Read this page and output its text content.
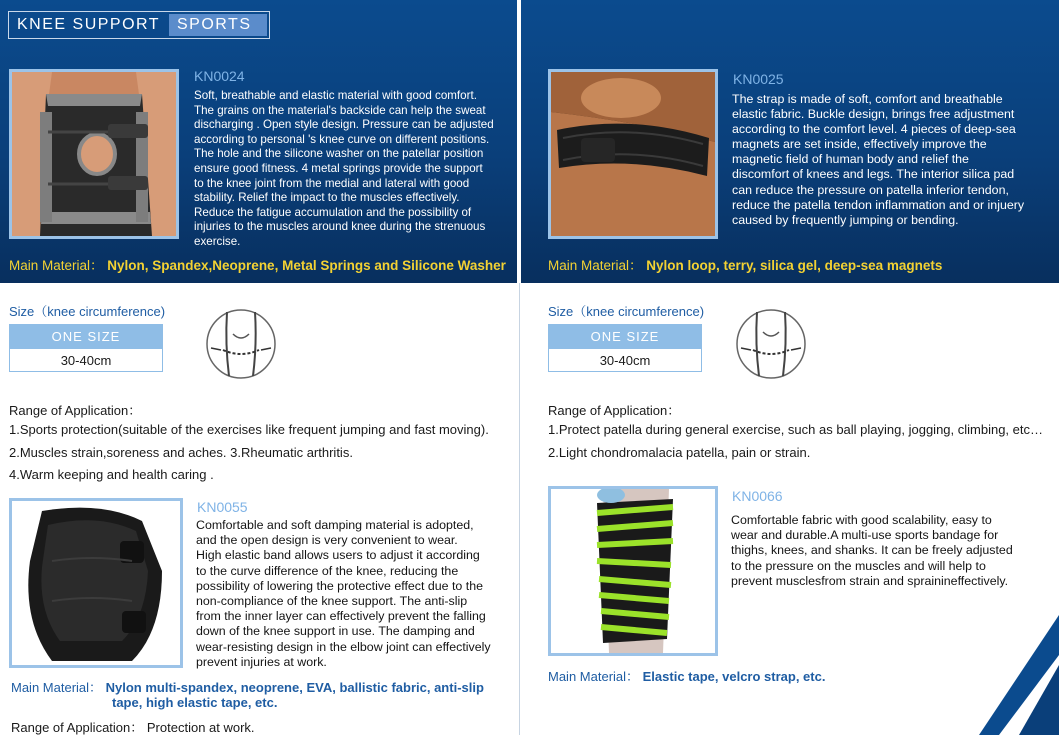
KNEE SUPPORT	SPORTS
KN0024
Soft, breathable and elastic material with good comfort.
The grains on the material's backside can help the sweat
discharging . Open style design. Pressure can be adjusted
according to personal 's knee curve on different positions.
The hole and the silicone washer on the patellar position
ensure good fitness. 4 metal springs provide the support
to the knee joint from the medial and lateral with good
stability. Relief the impact to the muscles effectively.
Reduce the fatigue accumulation and the possibility of
injuries to the muscles around knee during the strenuous
exercise.
Main Material： Nylon, Spandex,Neoprene, Metal Springs and Silicone Washer
Size（knee circumference)
ONE SIZE
30-40cm
Range of Application：
1.Sports protection(suitable of the exercises like frequent jumping and fast moving).
2.Muscles strain,soreness and aches. 3.Rheumatic arthritis.
4.Warm keeping and health caring .
KN0025
The strap is made of soft, comfort and breathable
elastic fabric. Buckle design, brings free adjustment
according to the comfort level. 4 pieces of deep-sea
magnets are set inside, effectively improve the
magnetic field of human body and relief the
discomfort of knees and legs. The interior silica pad
can reduce the pressure on patella inferior tendon,
reduce the patella tendon inflammation and or injuery
caused by frequently jumping or bending.
Main Material： Nylon loop, terry, silica gel, deep-sea magnets
Size（knee circumference)
ONE SIZE
30-40cm
Range of Application：
1.Protect patella during general exercise, such as ball playing, jogging, climbing, etc…
2.Light chondromalacia patella, pain or strain.
KN0055
Comfortable and soft damping material is adopted,
and the open design is very convenient to wear.
High elastic band allows users to adjust it according
to the curve difference of the knee, reducing the
possibility of lowering the protective effect due to the
non-compliance of the knee support. The anti-slip
from the inner layer can effectively prevent the falling
down of the knee support in use. The damping and
wear-resisting design in the elbow joint can effectively
prevent injuries at work.
Main Material： Nylon multi-spandex, neoprene, EVA, ballistic fabric, anti-slip
tape, high elastic tape, etc.
Range of Application： Protection at work.
KN0066
Comfortable fabric with good scalability, easy to
wear and durable.A multi-use sports bandage for
thighs, knees, and shanks. It can be freely adjusted
to the pressure on the muscles and will help to
prevent musclesfrom strain and sprainineffectively.
Main Material： Elastic tape, velcro strap, etc.
